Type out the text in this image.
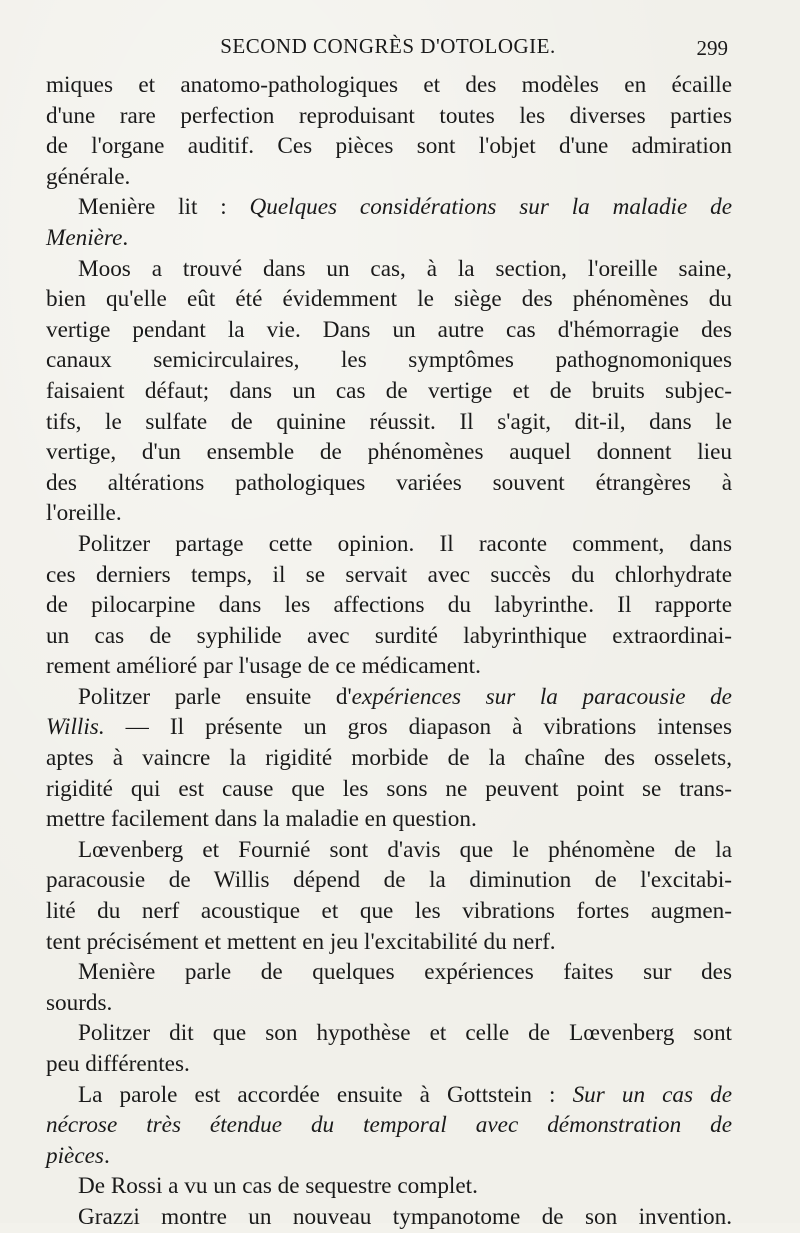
SECOND CONGRÈS D'OTOLOGIE.	299
miques et anatomo-pathologiques et des modèles en écaille
d'une rare perfection reproduisant toutes les diverses parties
de l'organe auditif. Ces pièces sont l'objet d'une admiration
générale.
Menière lit : Quelques considérations sur la maladie de
Menière.
Moos a trouvé dans un cas, à la section, l'oreille saine,
bien qu'elle eût été évidemment le siège des phénomènes du
vertige pendant la vie. Dans un autre cas d'hémorragie des
canaux semicirculaires, les symptômes pathognomoniques
faisaient défaut; dans un cas de vertige et de bruits subjec-
tifs, le sulfate de quinine réussit. Il s'agit, dit-il, dans le
vertige, d'un ensemble de phénomènes auquel donnent lieu
des altérations pathologiques variées souvent étrangères à
l'oreille.
Politzer partage cette opinion. Il raconte comment, dans
ces derniers temps, il se servait avec succès du chlorhydrate
de pilocarpine dans les affections du labyrinthe. Il rapporte
un cas de syphilide avec surdité labyrinthique extraordinai-
rement amélioré par l'usage de ce médicament.
Politzer parle ensuite d'expériences sur la paracousie de
Willis. — Il présente un gros diapason à vibrations intenses
aptes à vaincre la rigidité morbide de la chaîne des osselets,
rigidité qui est cause que les sons ne peuvent point se trans-
mettre facilement dans la maladie en question.
Lœvenberg et Fournié sont d'avis que le phénomène de la
paracousie de Willis dépend de la diminution de l'excitabi-
lité du nerf acoustique et que les vibrations fortes augmen-
tent précisément et mettent en jeu l'excitabilité du nerf.
Menière parle de quelques expériences faites sur des
sourds.
Politzer dit que son hypothèse et celle de Lœvenberg sont
peu différentes.
La parole est accordée ensuite à Gottstein : Sur un cas de
nécrose très étendue du temporal avec démonstration de
pièces.
De Rossi a vu un cas de sequestre complet.
Grazzi montre un nouveau tympanotome de son invention.
